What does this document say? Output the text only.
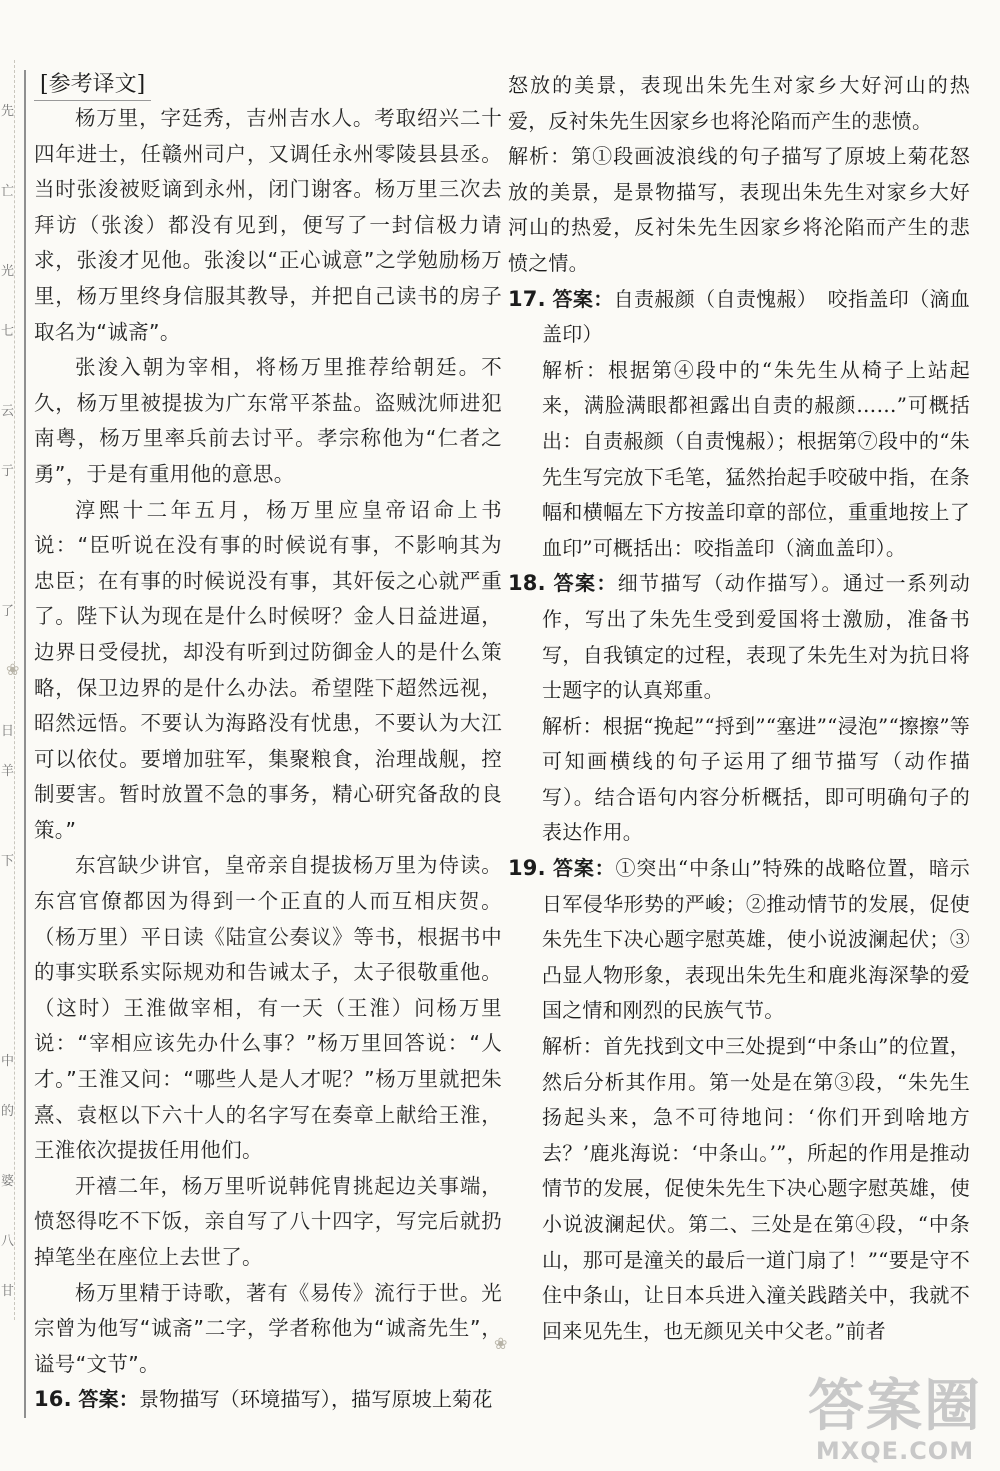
先
亡
光
七
云
亍
了
日
羊
下
中
的
婆
八
甘
[参考译文]

杨万里，字廷秀，吉州吉水人。考取绍兴二十四年进士，任赣州司户，又调任永州零陵县县丞。当时张浚被贬谪到永州，闭门谢客。杨万里三次去拜访（张浚）都没有见到，便写了一封信极力请求，张浚才见他。张浚以“正心诚意”之学勉励杨万里，杨万里终身信服其教导，并把自己读书的房子取名为“诚斋”。

张浚入朝为宰相，将杨万里推荐给朝廷。不久，杨万里被提拔为广东常平茶盐。盗贼沈师进犯南粤，杨万里率兵前去讨平。孝宗称他为“仁者之勇”，于是有重用他的意思。

淳熙十二年五月，杨万里应皇帝诏命上书说：“臣听说在没有事的时候说有事，不影响其为忠臣；在有事的时候说没有事，其奸佞之心就严重了。陛下认为现在是什么时候呀？金人日益进逼，边界日受侵扰，却没有听到过防御金人的是什么策略，保卫边界的是什么办法。希望陛下超然远视，昭然远悟。不要认为海路没有忧患，不要认为大江可以依仗。要增加驻军，集聚粮食，治理战舰，控制要害。暂时放置不急的事务，精心研究备敌的良策。”

东宫缺少讲官，皇帝亲自提拔杨万里为侍读。东宫官僚都因为得到一个正直的人而互相庆贺。（杨万里）平日读《陆宣公奏议》等书，根据书中的事实联系实际规劝和告诫太子，太子很敬重他。（这时）王淮做宰相，有一天（王淮）问杨万里说：“宰相应该先办什么事？”杨万里回答说：“人才。”王淮又问：“哪些人是人才呢？”杨万里就把朱熹、袁枢以下六十人的名字写在奏章上献给王淮，王淮依次提拔任用他们。

开禧二年，杨万里听说韩侂胄挑起边关事端，愤怒得吃不下饭，亲自写了八十四字，写完后就扔掉笔坐在座位上去世了。

杨万里精于诗歌，著有《易传》流行于世。光宗曾为他写“诚斋”二字，学者称他为“诚斋先生”，谥号“文节”。

16. 答案：景物描写（环境描写），描写原坡上菊花

❀
❀

怒放的美景，表现出朱先生对家乡大好河山的热爱，反衬朱先生因家乡也将沦陷而产生的悲愤。

解析：第①段画波浪线的句子描写了原坡上菊花怒放的美景，是景物描写，表现出朱先生对家乡大好河山的热爱，反衬朱先生因家乡将沦陷而产生的悲愤之情。

17. 答案：自责赧颜（自责愧赧）　咬指盖印（滴血盖印）

解析：根据第④段中的“朱先生从椅子上站起来，满脸满眼都袒露出自责的赧颜……”可概括出：自责赧颜（自责愧赧）；根据第⑦段中的“朱先生写完放下毛笔，猛然抬起手咬破中指，在条幅和横幅左下方按盖印章的部位，重重地按上了血印”可概括出：咬指盖印（滴血盖印）。

18. 答案：细节描写（动作描写）。通过一系列动作，写出了朱先生受到爱国将士激励，准备书写，自我镇定的过程，表现了朱先生对为抗日将士题字的认真郑重。

解析：根据“挽起”“捋到”“塞进”“浸泡”“擦擦”等可知画横线的句子运用了细节描写（动作描写）。结合语句内容分析概括，即可明确句子的表达作用。

19. 答案：①突出“中条山”特殊的战略位置，暗示日军侵华形势的严峻；②推动情节的发展，促使朱先生下决心题字慰英雄，使小说波澜起伏；③凸显人物形象，表现出朱先生和鹿兆海深挚的爱国之情和刚烈的民族气节。

解析：首先找到文中三处提到“中条山”的位置，然后分析其作用。第一处是在第③段，“朱先生扬起头来，急不可待地问：‘你们开到啥地方去？’鹿兆海说：‘中条山。’”，所起的作用是推动情节的发展，促使朱先生下决心题字慰英雄，使小说波澜起伏。第二、三处是在第④段，“中条山，那可是潼关的最后一道门扇了！”“要是守不住中条山，让日本兵进入潼关践踏关中，我就不回来见先生，也无颜见关中父老。”前者

答案圈
MXQE.COM
